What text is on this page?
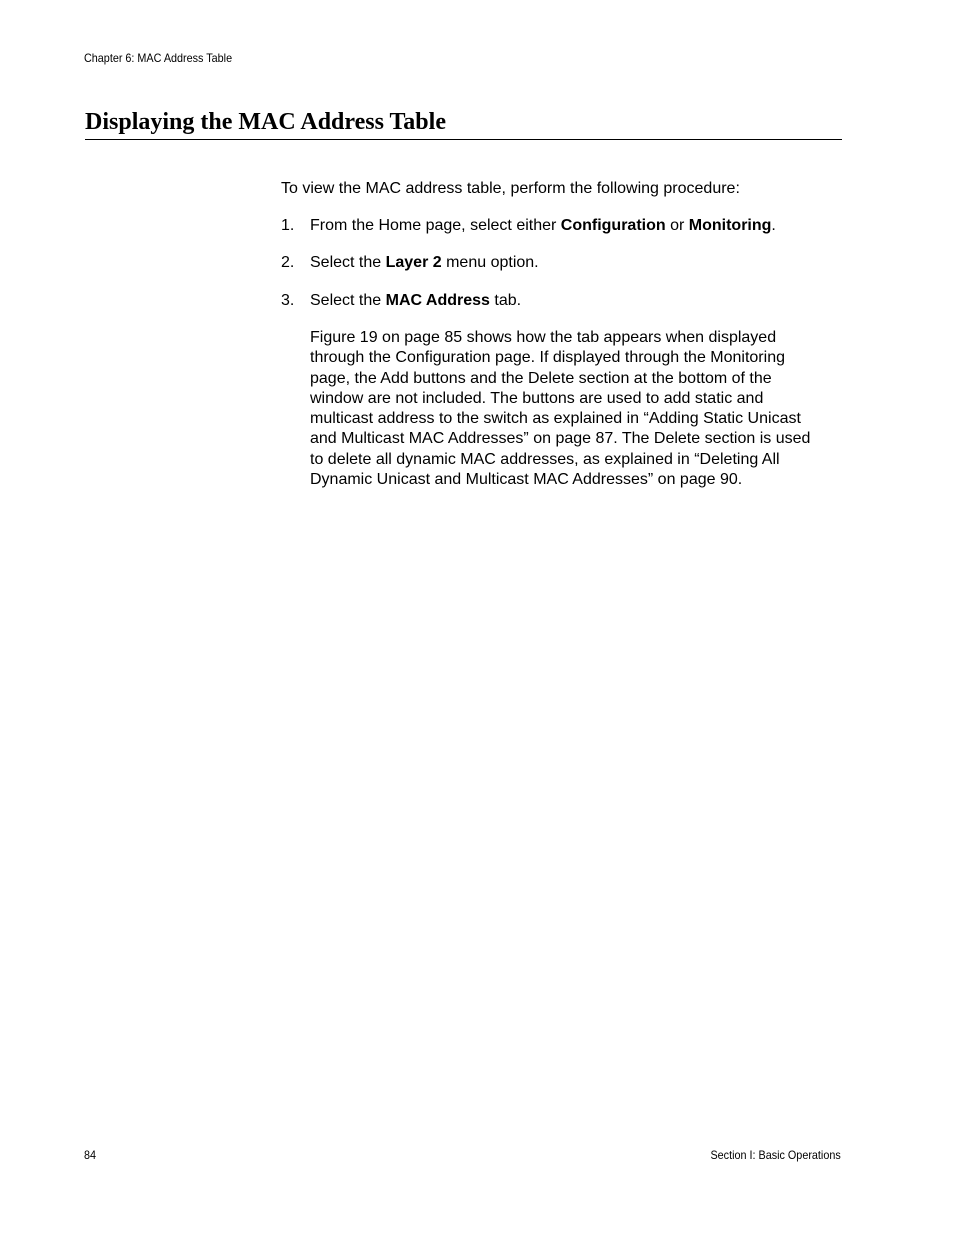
Chapter 6: MAC Address Table
Displaying the MAC Address Table

To view the MAC address table, perform the following procedure:

1. From the Home page, select either Configuration or Monitoring.
2. Select the Layer 2 menu option.
3. Select the MAC Address tab.

Figure 19 on page 85 shows how the tab appears when displayed
through the Configuration page. If displayed through the Monitoring
page, the Add buttons and the Delete section at the bottom of the
window are not included. The buttons are used to add static and
multicast address to the switch as explained in “Adding Static Unicast
and Multicast MAC Addresses” on page 87. The Delete section is used
to delete all dynamic MAC addresses, as explained in “Deleting All
Dynamic Unicast and Multicast MAC Addresses” on page 90.

84	Section I: Basic Operations
